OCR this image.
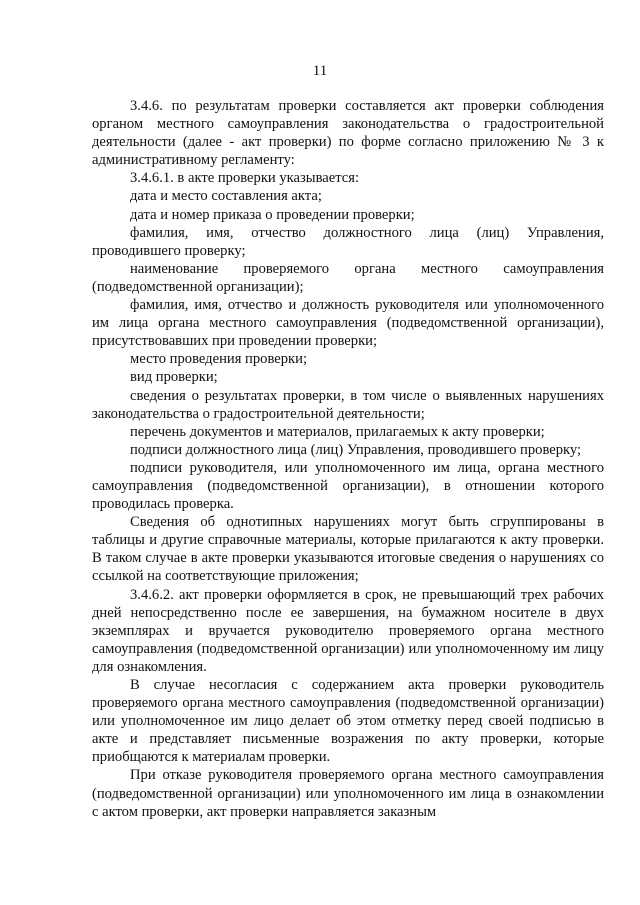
11

3.4.6. по результатам проверки составляется акт проверки соблюдения органом местного самоуправления законодательства о градостроительной деятельности (далее - акт проверки) по форме согласно приложению № 3 к административному регламенту:

3.4.6.1. в акте проверки указывается:

дата и место составления акта;

дата и номер приказа о проведении проверки;

фамилия, имя, отчество должностного лица (лиц) Управления, проводившего проверку;

наименование проверяемого органа местного самоуправления (подведомственной организации);

фамилия, имя, отчество и должность руководителя или уполномоченного им лица органа местного самоуправления (подведомственной организации), присутствовавших при проведении проверки;

место проведения проверки;

вид проверки;

сведения о результатах проверки, в том числе о выявленных нарушениях законодательства о градостроительной деятельности;

перечень документов и материалов, прилагаемых к акту проверки;

подписи должностного лица (лиц) Управления, проводившего проверку;

подписи руководителя, или уполномоченного им лица, органа местного самоуправления (подведомственной организации), в отношении которого проводилась проверка.

Сведения об однотипных нарушениях могут быть сгруппированы в таблицы и другие справочные материалы, которые прилагаются к акту проверки. В таком случае в акте проверки указываются итоговые сведения о нарушениях со ссылкой на соответствующие приложения;

3.4.6.2. акт проверки оформляется в срок, не превышающий трех рабочих дней непосредственно после ее завершения, на бумажном носителе в двух экземплярах и вручается руководителю проверяемого органа местного самоуправления (подведомственной организации) или уполномоченному им лицу для ознакомления.

В случае несогласия с содержанием акта проверки руководитель проверяемого органа местного самоуправления (подведомственной организации) или уполномоченное им лицо делает об этом отметку перед своей подписью в акте и представляет письменные возражения по акту проверки, которые приобщаются к материалам проверки.

При отказе руководителя проверяемого органа местного самоуправления (подведомственной организации) или уполномоченного им лица в ознакомлении с актом проверки, акт проверки направляется заказным
